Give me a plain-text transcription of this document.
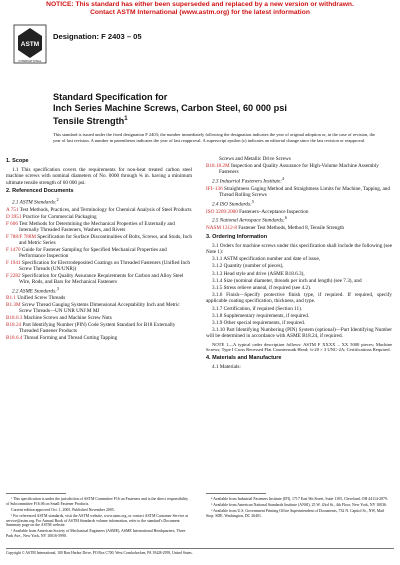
NOTICE: This standard has either been superseded and replaced by a new version or withdrawn.
Contact ASTM International (www.astm.org) for the latest information
ASTM
INTERNATIONAL
Designation: F 2403 – 05
Standard Specification for
Inch Series Machine Screws, Carbon Steel, 60 000 psi
Tensile Strength$^1$
This standard is issued under the fixed designation F 2403; the number immediately following the designation indicates the year of original adoption or, in the case of revision, the year of last revision. A number in parentheses indicates the year of last reapproval. A superscript epsilon (ε) indicates an editorial change since the last revision or reapproval.
1. Scope
1.1 This specification covers the requirements for non-heat treated carbon steel machine screws with nominal diameters of No. 0000 through ¾ in. having a minimum ultimate tensile strength of 60 000 psi.
2. Referenced Documents
2.1 ASTM Standards:$^2$
A 751 Test Methods, Practices, and Terminology for Chemical Analysis of Steel Products
D 3951 Practice for Commercial Packaging
F 606 Test Methods for Determining the Mechanical Properties of Externally and Internally Threaded Fasteners, Washers, and Rivets
F 788/F 788M Specification for Surface Discontinuities of Bolts, Screws, and Studs, Inch and Metric Series
F 1470 Guide for Fastener Sampling for Specified Mechanical Properties and Performance Inspection
F 1941 Specification for Electrodeposited Coatings on Threaded Fasteners (Unified Inch Screw Threads (UN/UNR))
F 2282 Specification for Quality Assurance Requirements for Carbon and Alloy Steel Wire, Rods, and Bars for Mechanical Fasteners
2.2 ASME Standards:$^3$
B1.1 Unified Screw Threads
B1.3M Screw Thread Gauging Systems Dimensional Acceptability Inch and Metric Screw Threads—UN UNR UNJ M MJ
B18.6.3 Machine Screws and Machine Screw Nuts
B18.24 Part Identifying Number (PIN) Code System Standard for B18 Externally Threaded Fastener Products
B18.6.4 Thread Forming and Thread Cutting Tapping
Screws and Metallic Drive Screws
B18.18.2M Inspection and Quality Assurance for High-Volume Machine Assembly Fasteners
2.3 Industrial Fasteners Institute:$^4$
IFI–136 Straightness Gaging Method and Straightness Limits for Machine, Tapping, and Thread Rolling Screws
2.4 ISO Standards:$^5$
ISO 3269:2000 Fasteners–Acceptance Inspection
2.5 National Aerospace Standards:$^6$
NASM 1312-8 Fastener Test Methods, Method 8, Tensile Strength
3. Ordering Information
3.1 Orders for machine screws under this specification shall include the following (see Note 1):
3.1.1 ASTM specification number and date of issue,
3.1.2 Quantity (number of pieces),
3.1.3 Head style and drive (ASME B18.6.3),
3.1.4 Size (nominal diameter, threads per inch and length) (see 7.3), and
3.1.5 Stress relieve anneal, if required (see 4.2).
3.1.6 Finish—Specify protective finish type, if required. If required, specify applicable coating specification, thickness, and type.
3.1.7 Certification, if required (Section 11).
3.1.8 Supplementary requirements, if required.
3.1.9 Other special requirements, if required.
3.1.10 Part Identifying Numbering (PIN) System (optional)—Part Identifying Number will be determined in accordance with ASME B18.24, if required.
NOTE 1—A typical order description follows: ASTM F XXXX – XX 5000 pieces; Machine Screws; Type I Cross Recessed Flat Countersunk Head; ¼-20 × 3 UNC-2A; Certifications Required.
4. Materials and Manufacture
4.1 Materials:

¹ This specification is under the jurisdiction of ASTM Committee F16 on Fasteners and is the direct responsibility of Subcommittee F16.06 on Small Fastener Products.

Current edition approved Oct. 1, 2005. Published November 2005.

² For referenced ASTM standards, visit the ASTM website, www.astm.org, or contact ASTM Customer Service at service@astm.org. For Annual Book of ASTM Standards volume information, refer to the standard's Document Summary page on the ASTM website.

³ Available from American Society of Mechanical Engineers (ASME), ASME International Headquarters, Three Park Ave., New York, NY 10016-5990.

⁴ Available from Industrial Fasteners Institute (IFI), 1717 East 9th Street, Suite 1105, Cleveland, OH 44114-2879.

⁵ Available from American National Standards Institute (ANSI), 25 W. 43rd St., 4th Floor, New York, NY 10036.

⁶ Available from U.S. Government Printing Office Superintendent of Documents, 732 N. Capitol St., NW, Mail Stop: SDE, Washington, DC 20401.

Copyright © ASTM International, 100 Barr Harbor Drive, PO Box C700, West Conshohocken, PA 19428-2959, United States.
